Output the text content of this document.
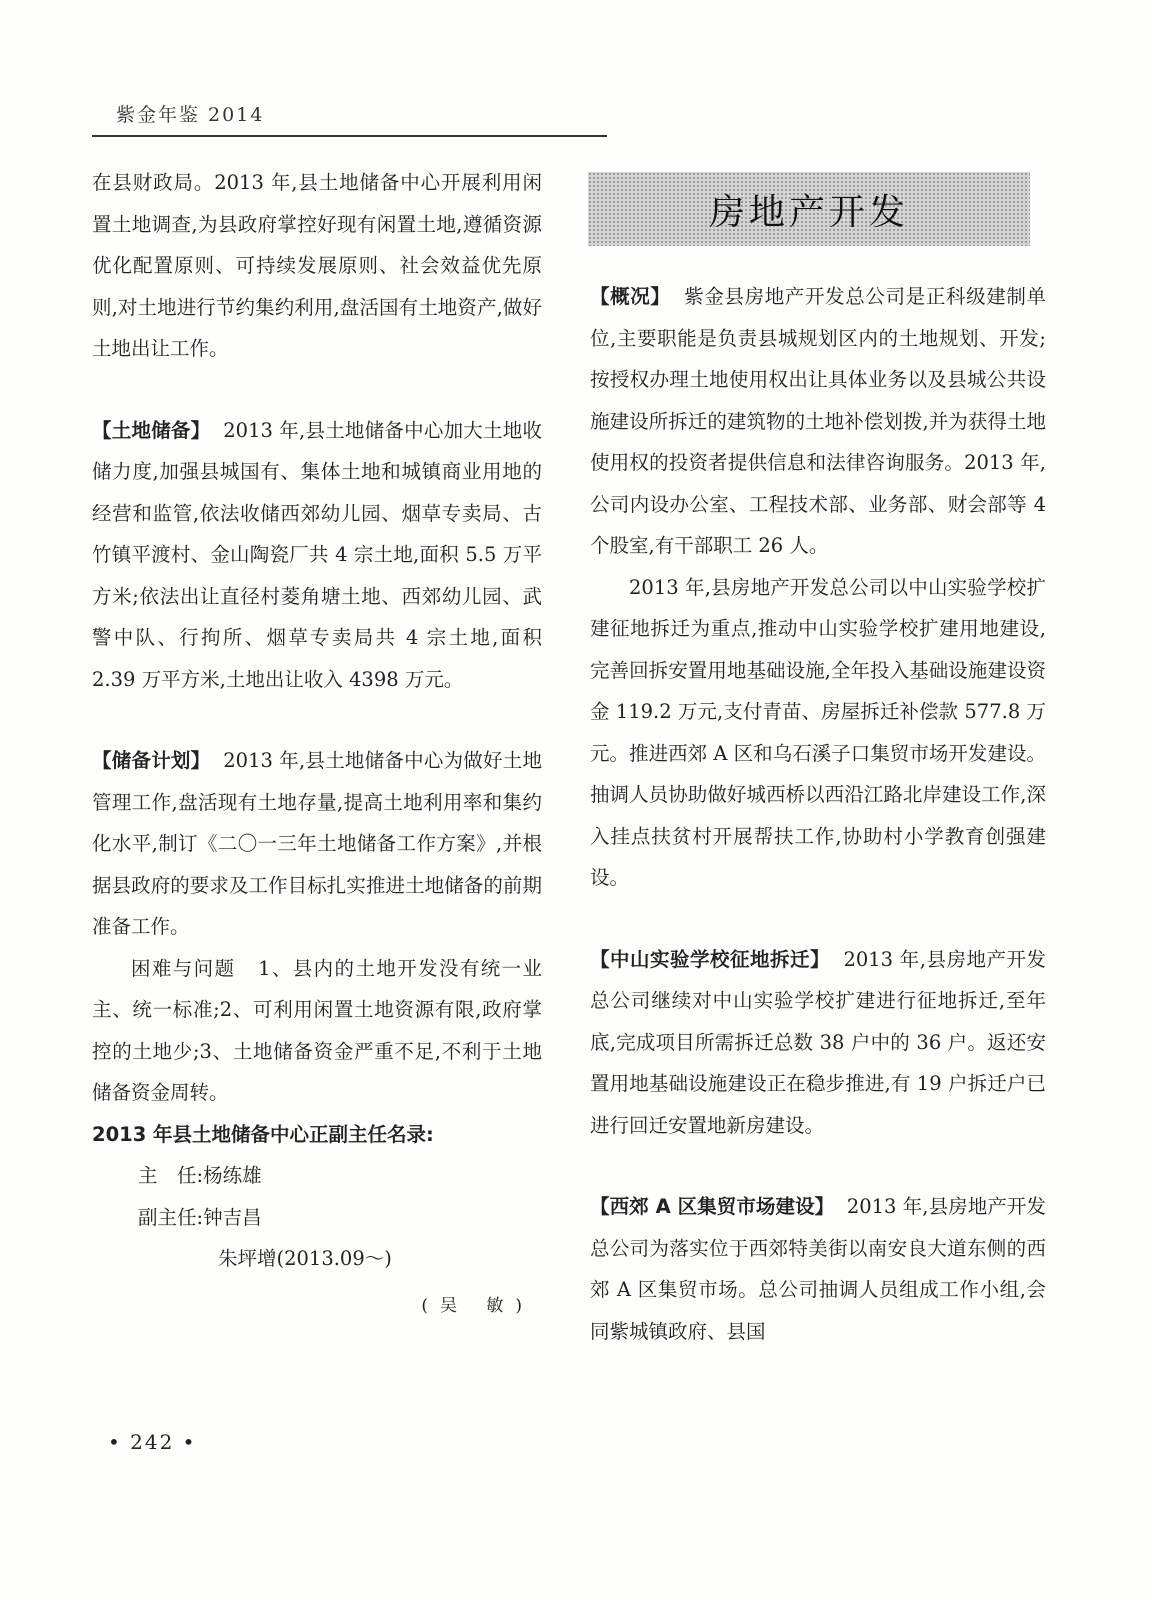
紫金年鉴 2014

在县财政局。2013 年,县土地储备中心开展利用闲置土地调查,为县政府掌控好现有闲置土地,遵循资源优化配置原则、可持续发展原则、社会效益优先原则,对土地进行节约集约利用,盘活国有土地资产,做好土地出让工作。

【土地储备】 2013 年,县土地储备中心加大土地收储力度,加强县城国有、集体土地和城镇商业用地的经营和监管,依法收储西郊幼儿园、烟草专卖局、古竹镇平渡村、金山陶瓷厂共 4 宗土地,面积 5.5 万平方米;依法出让直径村菱角塘土地、西郊幼儿园、武警中队、行拘所、烟草专卖局共 4 宗土地,面积 2.39 万平方米,土地出让收入 4398 万元。

【储备计划】 2013 年,县土地储备中心为做好土地管理工作,盘活现有土地存量,提高土地利用率和集约化水平,制订《二〇一三年土地储备工作方案》,并根据县政府的要求及工作目标扎实推进土地储备的前期准备工作。

困难与问题 1、县内的土地开发没有统一业主、统一标准;2、可利用闲置土地资源有限,政府掌控的土地少;3、土地储备资金严重不足,不利于土地储备资金周转。

2013 年县土地储备中心正副主任名录:

主　任:杨练雄

副主任:钟吉昌

朱坪增(2013.09～)

(吴 敏)
房地产开发

【概况】 紫金县房地产开发总公司是正科级建制单位,主要职能是负责县城规划区内的土地规划、开发;按授权办理土地使用权出让具体业务以及县城公共设施建设所拆迁的建筑物的土地补偿划拨,并为获得土地使用权的投资者提供信息和法律咨询服务。2013 年,公司内设办公室、工程技术部、业务部、财会部等 4 个股室,有干部职工 26 人。

2013 年,县房地产开发总公司以中山实验学校扩建征地拆迁为重点,推动中山实验学校扩建用地建设,完善回拆安置用地基础设施,全年投入基础设施建设资金 119.2 万元,支付青苗、房屋拆迁补偿款 577.8 万元。推进西郊 A 区和乌石溪子口集贸市场开发建设。抽调人员协助做好城西桥以西沿江路北岸建设工作,深入挂点扶贫村开展帮扶工作,协助村小学教育创强建设。

【中山实验学校征地拆迁】 2013 年,县房地产开发总公司继续对中山实验学校扩建进行征地拆迁,至年底,完成项目所需拆迁总数 38 户中的 36 户。返还安置用地基础设施建设正在稳步推进,有 19 户拆迁户已进行回迁安置地新房建设。

【西郊 A 区集贸市场建设】 2013 年,县房地产开发总公司为落实位于西郊特美街以南安良大道东侧的西郊 A 区集贸市场。总公司抽调人员组成工作小组,会同紫城镇政府、县国

• 242 •
